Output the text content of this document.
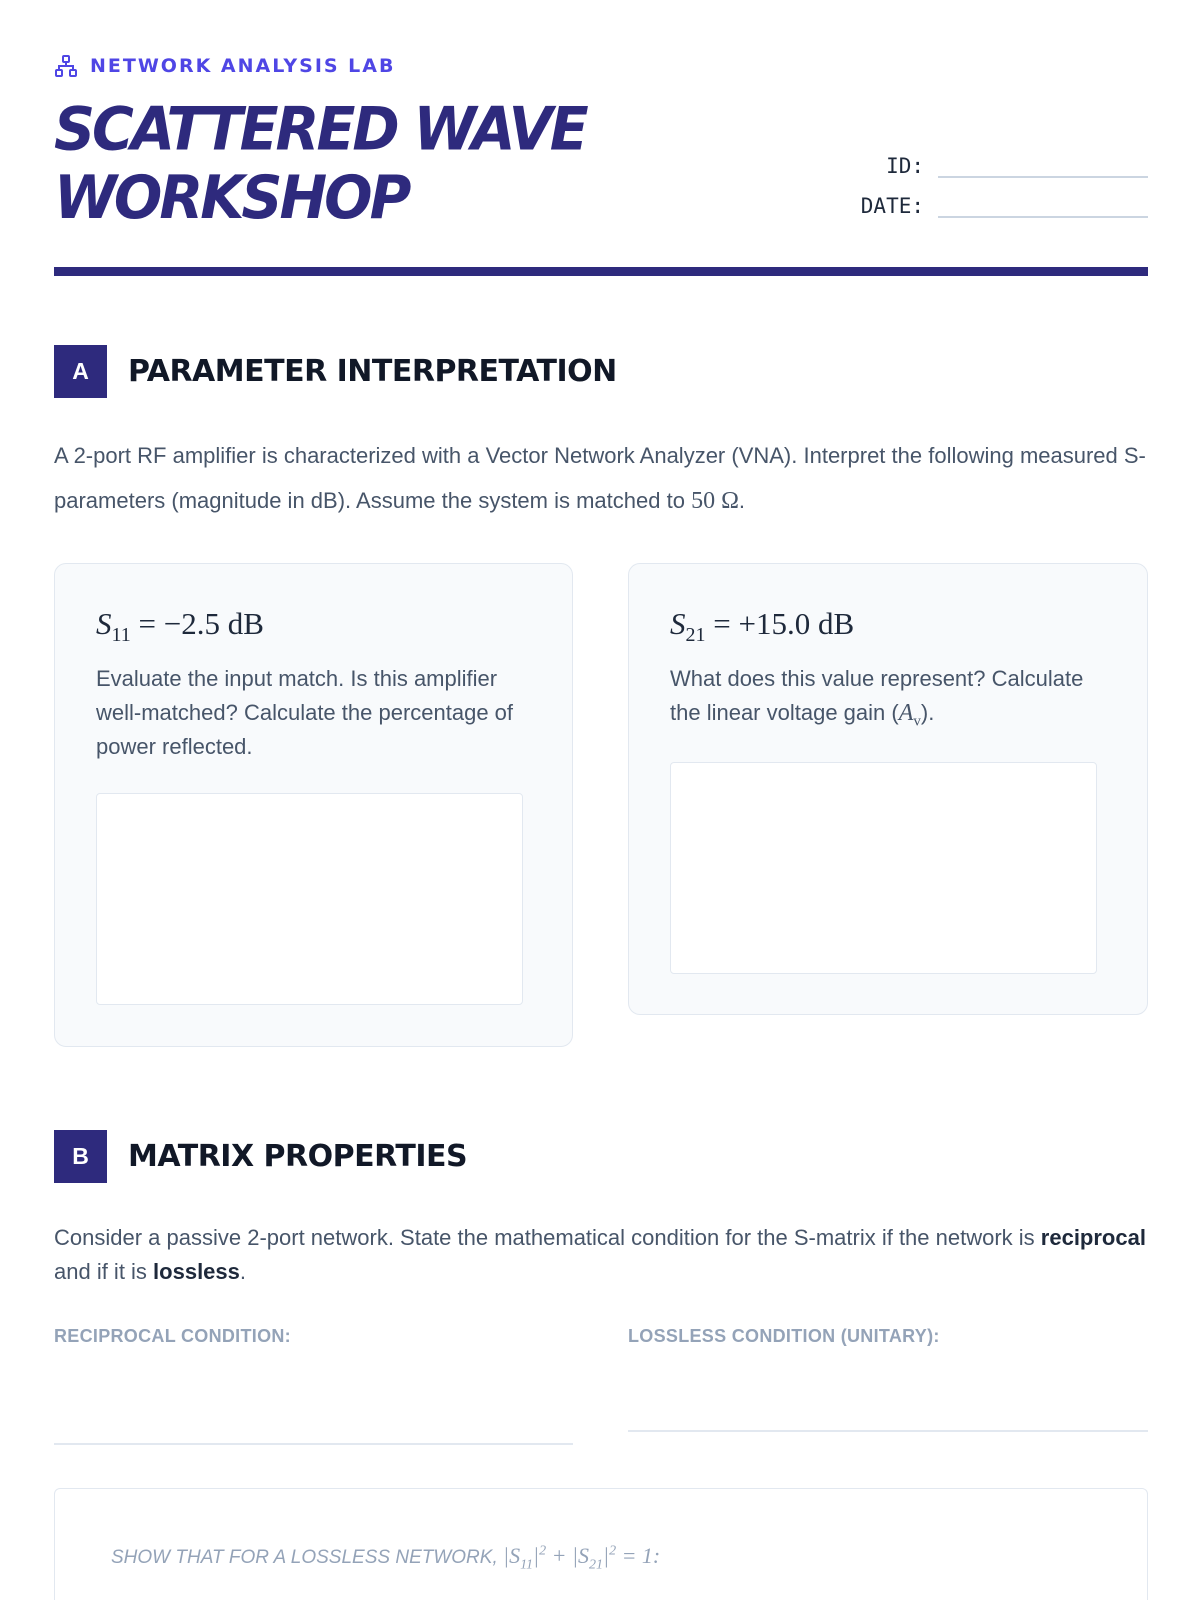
NETWORK ANALYSIS LAB
SCATTERED WAVE
WORKSHOP	ID:
DATE:
A	PARAMETER INTERPRETATION
A 2-port RF amplifier is characterized with a Vector Network Analyzer (VNA). Interpret the following measured S-parameters (magnitude in dB). Assume the system is matched to 50 Ω.
$S_{11} = -2.5$ dB
Evaluate the input match. Is this amplifier well-matched? Calculate the percentage of power reflected.
$S_{21} = +15.0$ dB
What does this value represent? Calculate the linear voltage gain $(A_v)$.
B	MATRIX PROPERTIES
Consider a passive 2-port network. State the mathematical condition for the S-matrix if the network is reciprocal and if it is lossless.
RECIPROCAL CONDITION:	LOSSLESS CONDITION (UNITARY):
SHOW THAT FOR A LOSSLESS NETWORK, $|S_{11}|^2 + |S_{21}|^2 = 1$:
